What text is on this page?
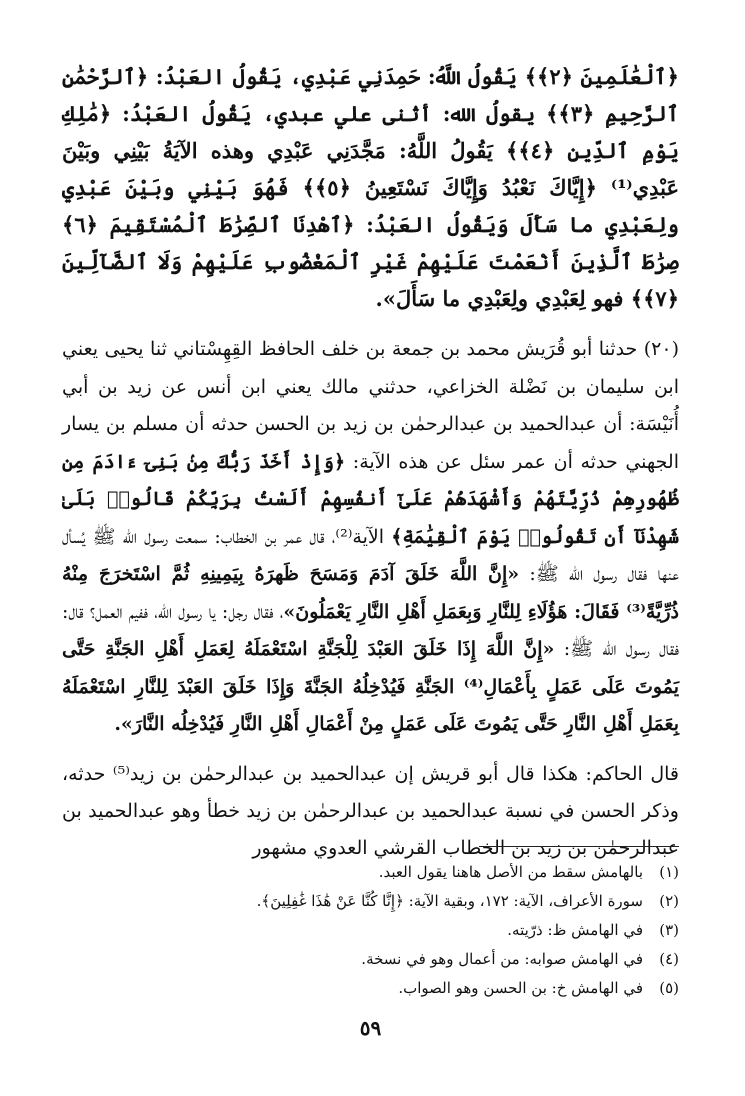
﴿ٱلْعَٰلَمِينَ ﴿٢﴾﴾ يَقُولُ اللَّهُ: حَمِدَنِي عَبْدِي، يَقُولُ العَبْدُ: ﴿ٱلرَّحْمَٰنِ ٱلرَّحِيمِ ﴿٣﴾﴾ يقولُ الله: أثنى علي عبدي، يَقُولُ العَبْدُ: ﴿مَٰلِكِ يَوْمِ ٱلدِّينِ ﴿٤﴾﴾ يَقُولُ اللَّهُ: مَجَّدَنِي عَبْدِي وهذه الآيَةُ بَيْنِي وبَيْنَ عَبْدِي⁽¹⁾ ﴿إِيَّاكَ نَعْبُدُ وَإِيَّاكَ نَسْتَعِينُ ﴿٥﴾﴾ فَهُوَ بَيْنِي وبَيْنَ عَبْدِي ولِعَبْدِي ما سَأَلَ وَيَقُولُ العَبْدُ: ﴿ٱهْدِنَا ٱلصِّرَٰطَ ٱلْمُسْتَقِيمَ ﴿٦﴾ صِرَٰطَ ٱلَّذِينَ أَنْعَمْتَ عَلَيْهِمْ غَيْرِ ٱلْمَغْضُوبِ عَلَيْهِمْ وَلَا ٱلضَّآلِّينَ ﴿٧﴾﴾ فهو لِعَبْدِي ولِعَبْدِي ما سَأَلَ».

(٢٠) حدثنا أبو قُرَيش محمد بن جمعة بن خلف الحافظ القِهِسْتاني ثنا يحيى يعني ابن سليمان بن نَضْلة الخزاعي، حدثني مالك يعني ابن أنس عن زيد بن أبي أُنَيْسَة: أن عبدالحميد بن عبدالرحمٰن بن زيد بن الحسن حدثه أن مسلم بن يسار الجهني حدثه أن عمر سئل عن هذه الآية: ﴿وَإِذْ أَخَذَ رَبُّكَ مِنۢ بَنِىٓ ءَادَمَ مِن ظُهُورِهِمْ ذُرِّيَّتَهُمْ وَأَشْهَدَهُمْ عَلَىٰٓ أَنفُسِهِمْ أَلَسْتُ بِرَبِّكُمْ قَالُوا۟ بَلَىٰ شَهِدْنَآ أَن تَقُولُوا۟ يَوْمَ ٱلْقِيَٰمَةِ﴾ الآية⁽²⁾، قال عمر بن الخطاب: سمعت رسول الله ﷺ يُسأل عنها فقال رسول الله ﷺ: «إِنَّ اللَّهَ خَلَقَ آدَمَ وَمَسَحَ ظَهرَهُ بِيَمِينِهِ ثُمَّ اسْتَخرَجَ مِنْهُ ذُرِّيَّةً⁽³⁾ فَقَالَ: هَؤُلَاءِ لِلنَّارِ وَبِعَمَلِ أَهْلِ النَّارِ يَعْمَلُونَ»، فقال رجل: يا رسول الله، ففيم العمل؟ قال: فقال رسول الله ﷺ: «إِنَّ اللَّهَ إِذَا خَلَقَ العَبْدَ لِلْجَنَّةِ اسْتَعْمَلَهُ لِعَمَلِ أَهْلِ الجَنَّةِ حَتَّى يَمُوتَ عَلَى عَمَلٍ بِأَعْمَالِ⁽⁴⁾ الجَنَّةِ فَيُدْخِلُهُ الجَنَّةَ وَإِذَا خَلَقَ العَبْدَ لِلنَّارِ اسْتَعْمَلَهُ بِعَمَلِ أَهْلِ النَّارِ حَتَّى يَمُوتَ عَلَى عَمَلٍ مِنْ أَعْمَالِ أَهْلِ النَّارِ فَيُدْخِلُه النَّارَ».

قال الحاكم: هكذا قال أبو قريش إن عبدالحميد بن عبدالرحمٰن بن زيد⁽⁵⁾ حدثه، وذكر الحسن في نسبة عبدالحميد بن عبدالرحمٰن بن زيد خطأ وهو عبدالحميد بن عبدالرحمٰن بن زيد بن الخطاب القرشي العدوي مشهور

(١)
بالهامش سقط من الأصل هاهنا يقول العبد.
(٢)
سورة الأعراف، الآية: ١٧٢، وبقية الآية: ﴿إِنَّا كُنَّا عَنْ هَٰذَا غَٰفِلِينَ﴾.
(٣)
في الهامش ظ: ذرّيته.
(٤)
في الهامش صوابه: من أعمال وهو في نسخة.
(٥)
في الهامش خ: بن الحسن وهو الصواب.
٥٩
